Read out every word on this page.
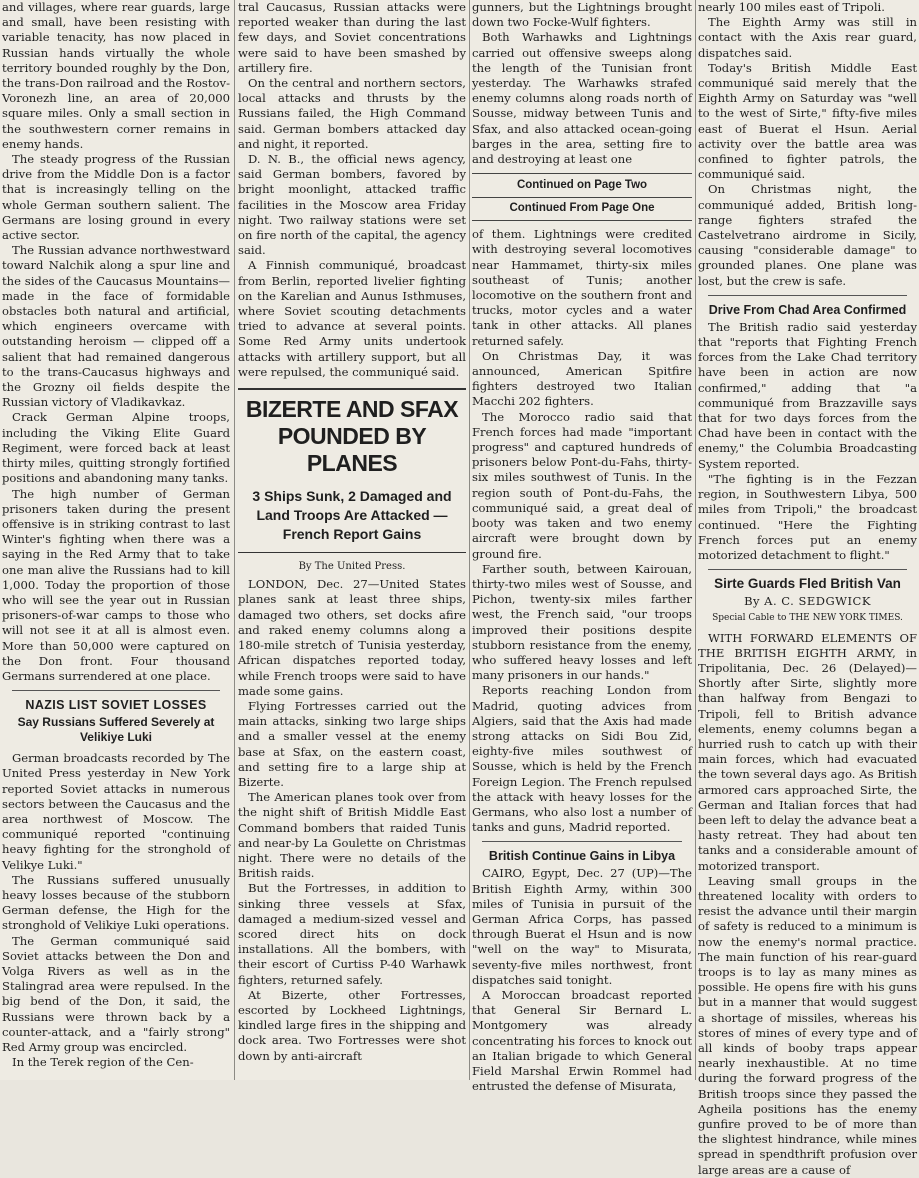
and villages, where rear guards, large and small, have been resisting with variable tenacity, has now placed in Russian hands virtually the whole territory bounded roughly by the Don, the trans-Don railroad and the Rostov-Voronezh line, an area of 20,000 square miles. Only a small section in the southwestern corner remains in enemy hands.

The steady progress of the Russian drive from the Middle Don is a factor that is increasingly telling on the whole German southern salient. The Germans are losing ground in every active sector.

The Russian advance northwestward toward Nalchik along a spur line and the sides of the Caucasus Mountains—made in the face of formidable obstacles both natural and artificial, which engineers overcame with outstanding heroism — clipped off a salient that had remained dangerous to the trans-Caucasus highways and the Grozny oil fields despite the Russian victory of Vladikavkaz.

Crack German Alpine troops, including the Viking Elite Guard Regiment, were forced back at least thirty miles, quitting strongly fortified positions and abandoning many tanks.

The high number of German prisoners taken during the present offensive is in striking contrast to last Winter's fighting when there was a saying in the Red Army that to take one man alive the Russians had to kill 1,000. Today the proportion of those who will see the year out in Russian prisoners-of-war camps to those who will not see it at all is almost even. More than 50,000 were captured on the Don front. Four thousand Germans surrendered at one place.

NAZIS LIST SOVIET LOSSES
Say Russians Suffered Severely at Velikiye Luki

German broadcasts recorded by The United Press yesterday in New York reported Soviet attacks in numerous sectors between the Caucasus and the area northwest of Moscow. The communiqué reported "continuing heavy fighting for the stronghold of Velikye Luki."

The Russians suffered unusually heavy losses because of the stubborn German defense, the High for the stronghold of Velikiye Luki operations.

The German communiqué said Soviet attacks between the Don and Volga Rivers as well as in the Stalingrad area were repulsed. In the big bend of the Don, it said, the Russians were thrown back by a counter-attack, and a "fairly strong" Red Army group was encircled.

In the Terek region of the Cen-

tral Caucasus, Russian attacks were reported weaker than during the last few days, and Soviet concentrations were said to have been smashed by artillery fire.

On the central and northern sectors, local attacks and thrusts by the Russians failed, the High Command said. German bombers attacked day and night, it reported.

D. N. B., the official news agency, said German bombers, favored by bright moonlight, attacked traffic facilities in the Moscow area Friday night. Two railway stations were set on fire north of the capital, the agency said.

A Finnish communiqué, broadcast from Berlin, reported livelier fighting on the Karelian and Aunus Isthmuses, where Soviet scouting detachments tried to advance at several points. Some Red Army units undertook attacks with artillery support, but all were repulsed, the communiqué said.

BIZERTE AND SFAX POUNDED BY PLANES
3 Ships Sunk, 2 Damaged and Land Troops Are Attacked —French Report Gains
By The United Press.

LONDON, Dec. 27—United States planes sank at least three ships, damaged two others, set docks afire and raked enemy columns along a 180-mile stretch of Tunisia yesterday, African dispatches reported today, while French troops were said to have made some gains.

Flying Fortresses carried out the main attacks, sinking two large ships and a smaller vessel at the enemy base at Sfax, on the eastern coast, and setting fire to a large ship at Bizerte.

The American planes took over from the night shift of British Middle East Command bombers that raided Tunis and near-by La Goulette on Christmas night. There were no details of the British raids.

But the Fortresses, in addition to sinking three vessels at Sfax, damaged a medium-sized vessel and scored direct hits on dock installations. All the bombers, with their escort of Curtiss P-40 Warhawk fighters, returned safely.

At Bizerte, other Fortresses, escorted by Lockheed Lightnings, kindled large fires in the shipping and dock area. Two Fortresses were shot down by anti-aircraft

gunners, but the Lightnings brought down two Focke-Wulf fighters.

Both Warhawks and Lightnings carried out offensive sweeps along the length of the Tunisian front yesterday. The Warhawks strafed enemy columns along roads north of Sousse, midway between Tunis and Sfax, and also attacked ocean-going barges in the area, setting fire to and destroying at least one

Continued on Page Two
Continued From Page One

of them. Lightnings were credited with destroying several locomotives near Hammamet, thirty-six miles southeast of Tunis; another locomotive on the southern front and trucks, motor cycles and a water tank in other attacks. All planes returned safely.

On Christmas Day, it was announced, American Spitfire fighters destroyed two Italian Macchi 202 fighters.

The Morocco radio said that French forces had made "important progress" and captured hundreds of prisoners below Pont-du-Fahs, thirty-six miles southwest of Tunis. In the region south of Pont-du-Fahs, the communiqué said, a great deal of booty was taken and two enemy aircraft were brought down by ground fire.

Farther south, between Kairouan, thirty-two miles west of Sousse, and Pichon, twenty-six miles farther west, the French said, "our troops improved their positions despite stubborn resistance from the enemy, who suffered heavy losses and left many prisoners in our hands."

Reports reaching London from Madrid, quoting advices from Algiers, said that the Axis had made strong attacks on Sidi Bou Zid, eighty-five miles southwest of Sousse, which is held by the French Foreign Legion. The French repulsed the attack with heavy losses for the Germans, who also lost a number of tanks and guns, Madrid reported.

British Continue Gains in Libya

CAIRO, Egypt, Dec. 27 (UP)—The British Eighth Army, within 300 miles of Tunisia in pursuit of the German Africa Corps, has passed through Buerat el Hsun and is now "well on the way" to Misurata, seventy-five miles northwest, front dispatches said tonight.

A Moroccan broadcast reported that General Sir Bernard L. Montgomery was already concentrating his forces to knock out an Italian brigade to which General Field Marshal Erwin Rommel had entrusted the defense of Misurata,

nearly 100 miles east of Tripoli.

The Eighth Army was still in contact with the Axis rear guard, dispatches said.

Today's British Middle East communiqué said merely that the Eighth Army on Saturday was "well to the west of Sirte," fifty-five miles east of Buerat el Hsun. Aerial activity over the battle area was confined to fighter patrols, the communiqué said.

On Christmas night, the communiqué added, British long-range fighters strafed the Castelvetrano airdrome in Sicily, causing "considerable damage" to grounded planes. One plane was lost, but the crew is safe.

Drive From Chad Area Confirmed

The British radio said yesterday that "reports that Fighting French forces from the Lake Chad territory have been in action are now confirmed," adding that "a communiqué from Brazzaville says that for two days forces from the Chad have been in contact with the enemy," the Columbia Broadcasting System reported.

"The fighting is in the Fezzan region, in Southwestern Libya, 500 miles from Tripoli," the broadcast continued. "Here the Fighting French forces put an enemy motorized detachment to flight."

Sirte Guards Fled British Van
By A. C. SEDGWICK
Special Cable to THE NEW YORK TIMES.

WITH FORWARD ELEMENTS OF THE BRITISH EIGHTH ARMY, in Tripolitania, Dec. 26 (Delayed)—Shortly after Sirte, slightly more than halfway from Bengazi to Tripoli, fell to British advance elements, enemy columns began a hurried rush to catch up with their main forces, which had evacuated the town several days ago. As British armored cars approached Sirte, the German and Italian forces that had been left to delay the advance beat a hasty retreat. They had about ten tanks and a considerable amount of motorized transport.

Leaving small groups in the threatened locality with orders to resist the advance until their margin of safety is reduced to a minimum is now the enemy's normal practice. The main function of his rear-guard troops is to lay as many mines as possible. He opens fire with his guns but in a manner that would suggest a shortage of missiles, whereas his stores of mines of every type and of all kinds of booby traps appear nearly inexhaustible. At no time during the forward progress of the British troops since they passed the Agheila positions has the enemy gunfire proved to be of more than the slightest hindrance, while mines spread in spendthrift profusion over large areas are a cause of
